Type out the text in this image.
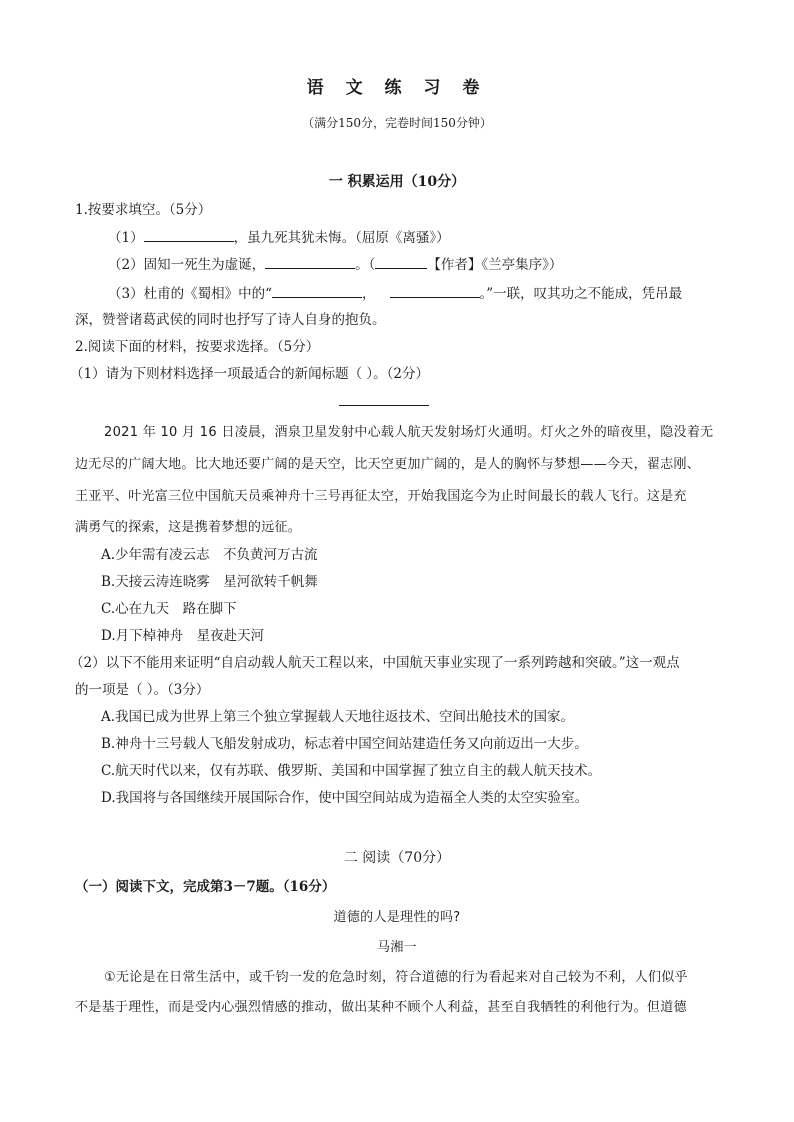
语 文 练 习 卷
（满分150分，完卷时间150分钟）
一 积累运用（10分）
1.按要求填空。（5分）
（1）	，虽九死其犹未悔。（屈原《离骚》）
（2）固知一死生为虚诞，	。（	【作者】《兰亭集序》）
（3）杜甫的《蜀相》中的“	，	。”一联，叹其功之不能成，凭吊最
深，赞誉诸葛武侯的同时也抒写了诗人自身的抱负。
2.阅读下面的材料，按要求选择。（5分）
（1）请为下则材料选择一项最适合的新闻标题（ ）。（2分）
2021 年 10 月 16 日凌晨，酒泉卫星发射中心载人航天发射场灯火通明。灯火之外的暗夜里，隐没着无
边无尽的广阔大地。比大地还要广阔的是天空，比天空更加广阔的，是人的胸怀与梦想——今天，翟志刚、
王亚平、叶光富三位中国航天员乘神舟十三号再征太空，开始我国迄今为止时间最长的载人飞行。这是充
满勇气的探索，这是携着梦想的远征。
A.少年需有凌云志　不负黄河万古流
B.天接云涛连晓雾　星河欲转千帆舞
C.心在九天　路在脚下
D.月下棹神舟　星夜赴天河
（2）以下不能用来证明“自启动载人航天工程以来，中国航天事业实现了一系列跨越和突破。”这一观点
的一项是（ ）。（3分）
A.我国已成为世界上第三个独立掌握载人天地往返技术、空间出舱技术的国家。
B.神舟十三号载人飞船发射成功，标志着中国空间站建造任务又向前迈出一大步。
C.航天时代以来，仅有苏联、俄罗斯、美国和中国掌握了独立自主的载人航天技术。
D.我国将与各国继续开展国际合作，使中国空间站成为造福全人类的太空实验室。
二 阅读（70分）
（一）阅读下文，完成第3－7题。（16分）
道德的人是理性的吗?
马湘一
①无论是在日常生活中，或千钧一发的危急时刻，符合道德的行为看起来对自己较为不利，人们似乎
不是基于理性，而是受内心强烈情感的推动，做出某种不顾个人利益，甚至自我牺牲的利他行为。但道德
